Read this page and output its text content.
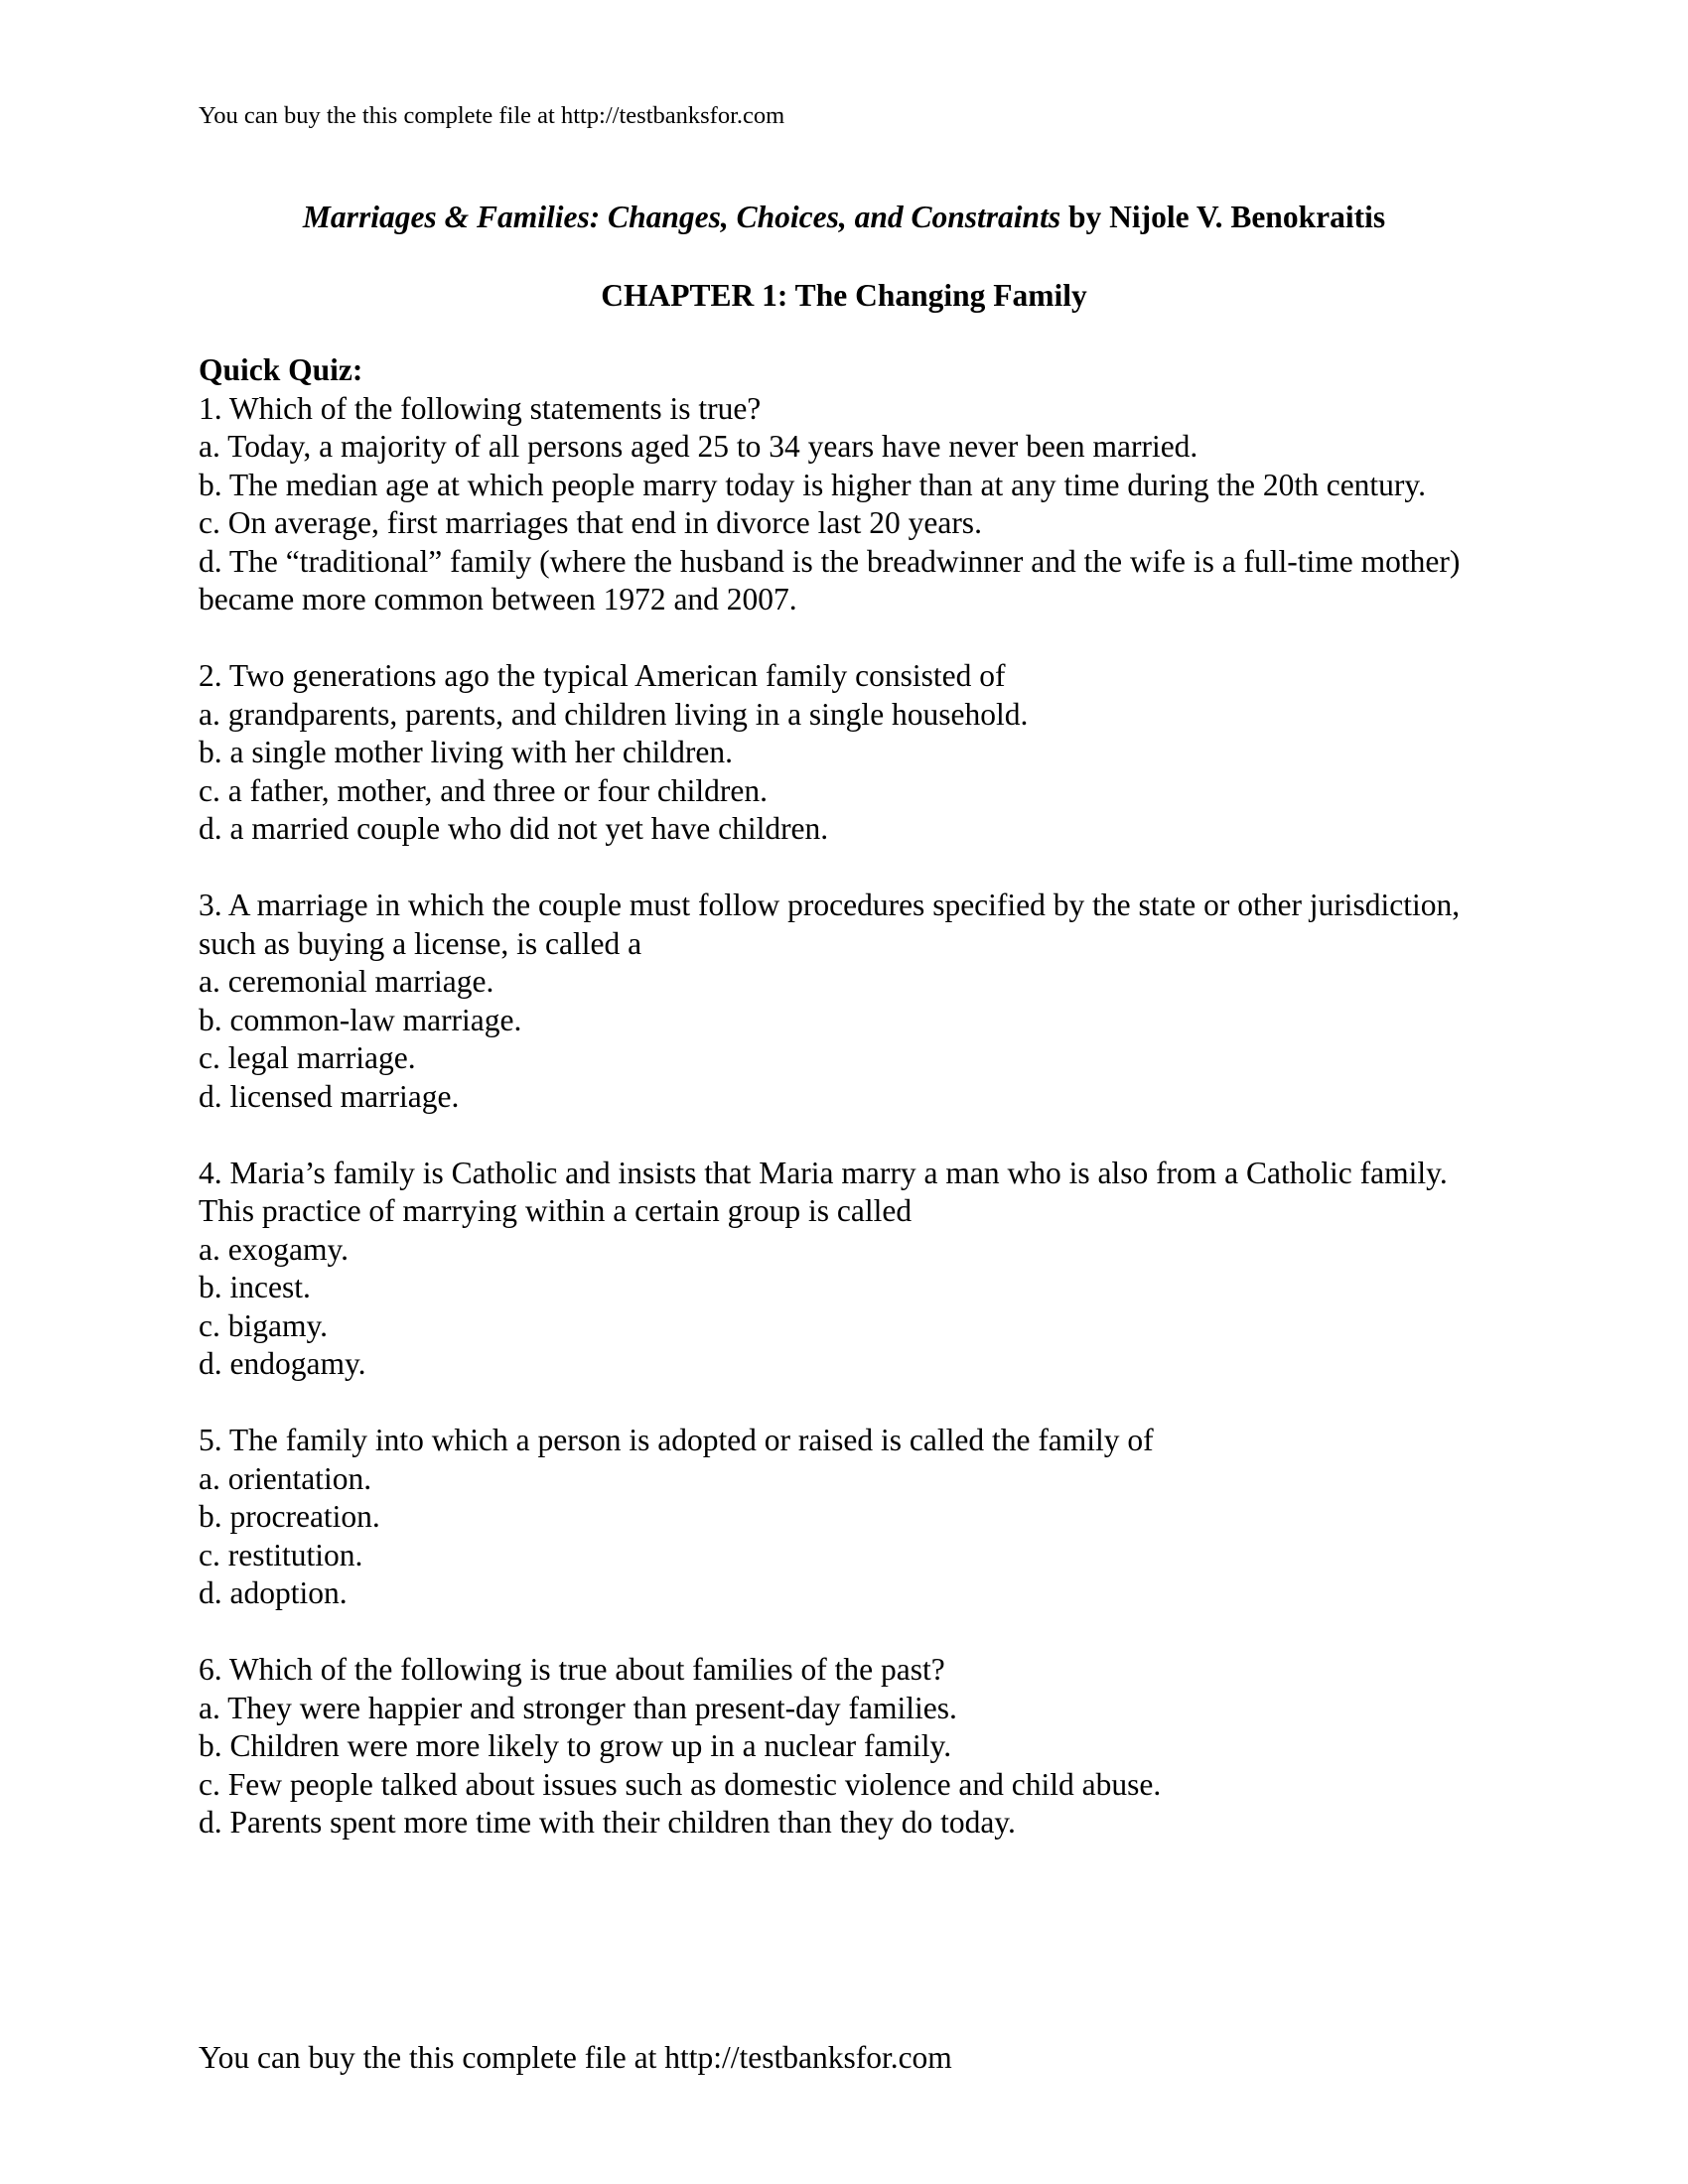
You can buy the this complete file at http://testbanksfor.com
Marriages & Families: Changes, Choices, and Constraints by Nijole V. Benokraitis
CHAPTER 1: The Changing Family
Quick Quiz:

1. Which of the following statements is true?

a. Today, a majority of all persons aged 25 to 34 years have never been married.

b. The median age at which people marry today is higher than at any time during the 20th century.

c. On average, first marriages that end in divorce last 20 years.

d. The “traditional” family (where the husband is the breadwinner and the wife is a full-time mother) became more common between 1972 and 2007.

2. Two generations ago the typical American family consisted of

a. grandparents, parents, and children living in a single household.

b. a single mother living with her children.

c. a father, mother, and three or four children.

d. a married couple who did not yet have children.

3. A marriage in which the couple must follow procedures specified by the state or other jurisdiction, such as buying a license, is called a

a. ceremonial marriage.

b. common-law marriage.

c. legal marriage.

d. licensed marriage.

4. Maria’s family is Catholic and insists that Maria marry a man who is also from a Catholic family. This practice of marrying within a certain group is called

a. exogamy.

b. incest.

c. bigamy.

d. endogamy.

5. The family into which a person is adopted or raised is called the family of

a. orientation.

b. procreation.

c. restitution.

d. adoption.

6. Which of the following is true about families of the past?

a. They were happier and stronger than present-day families.

b. Children were more likely to grow up in a nuclear family.

c. Few people talked about issues such as domestic violence and child abuse.

d. Parents spent more time with their children than they do today.

You can buy the this complete file at http://testbanksfor.com
